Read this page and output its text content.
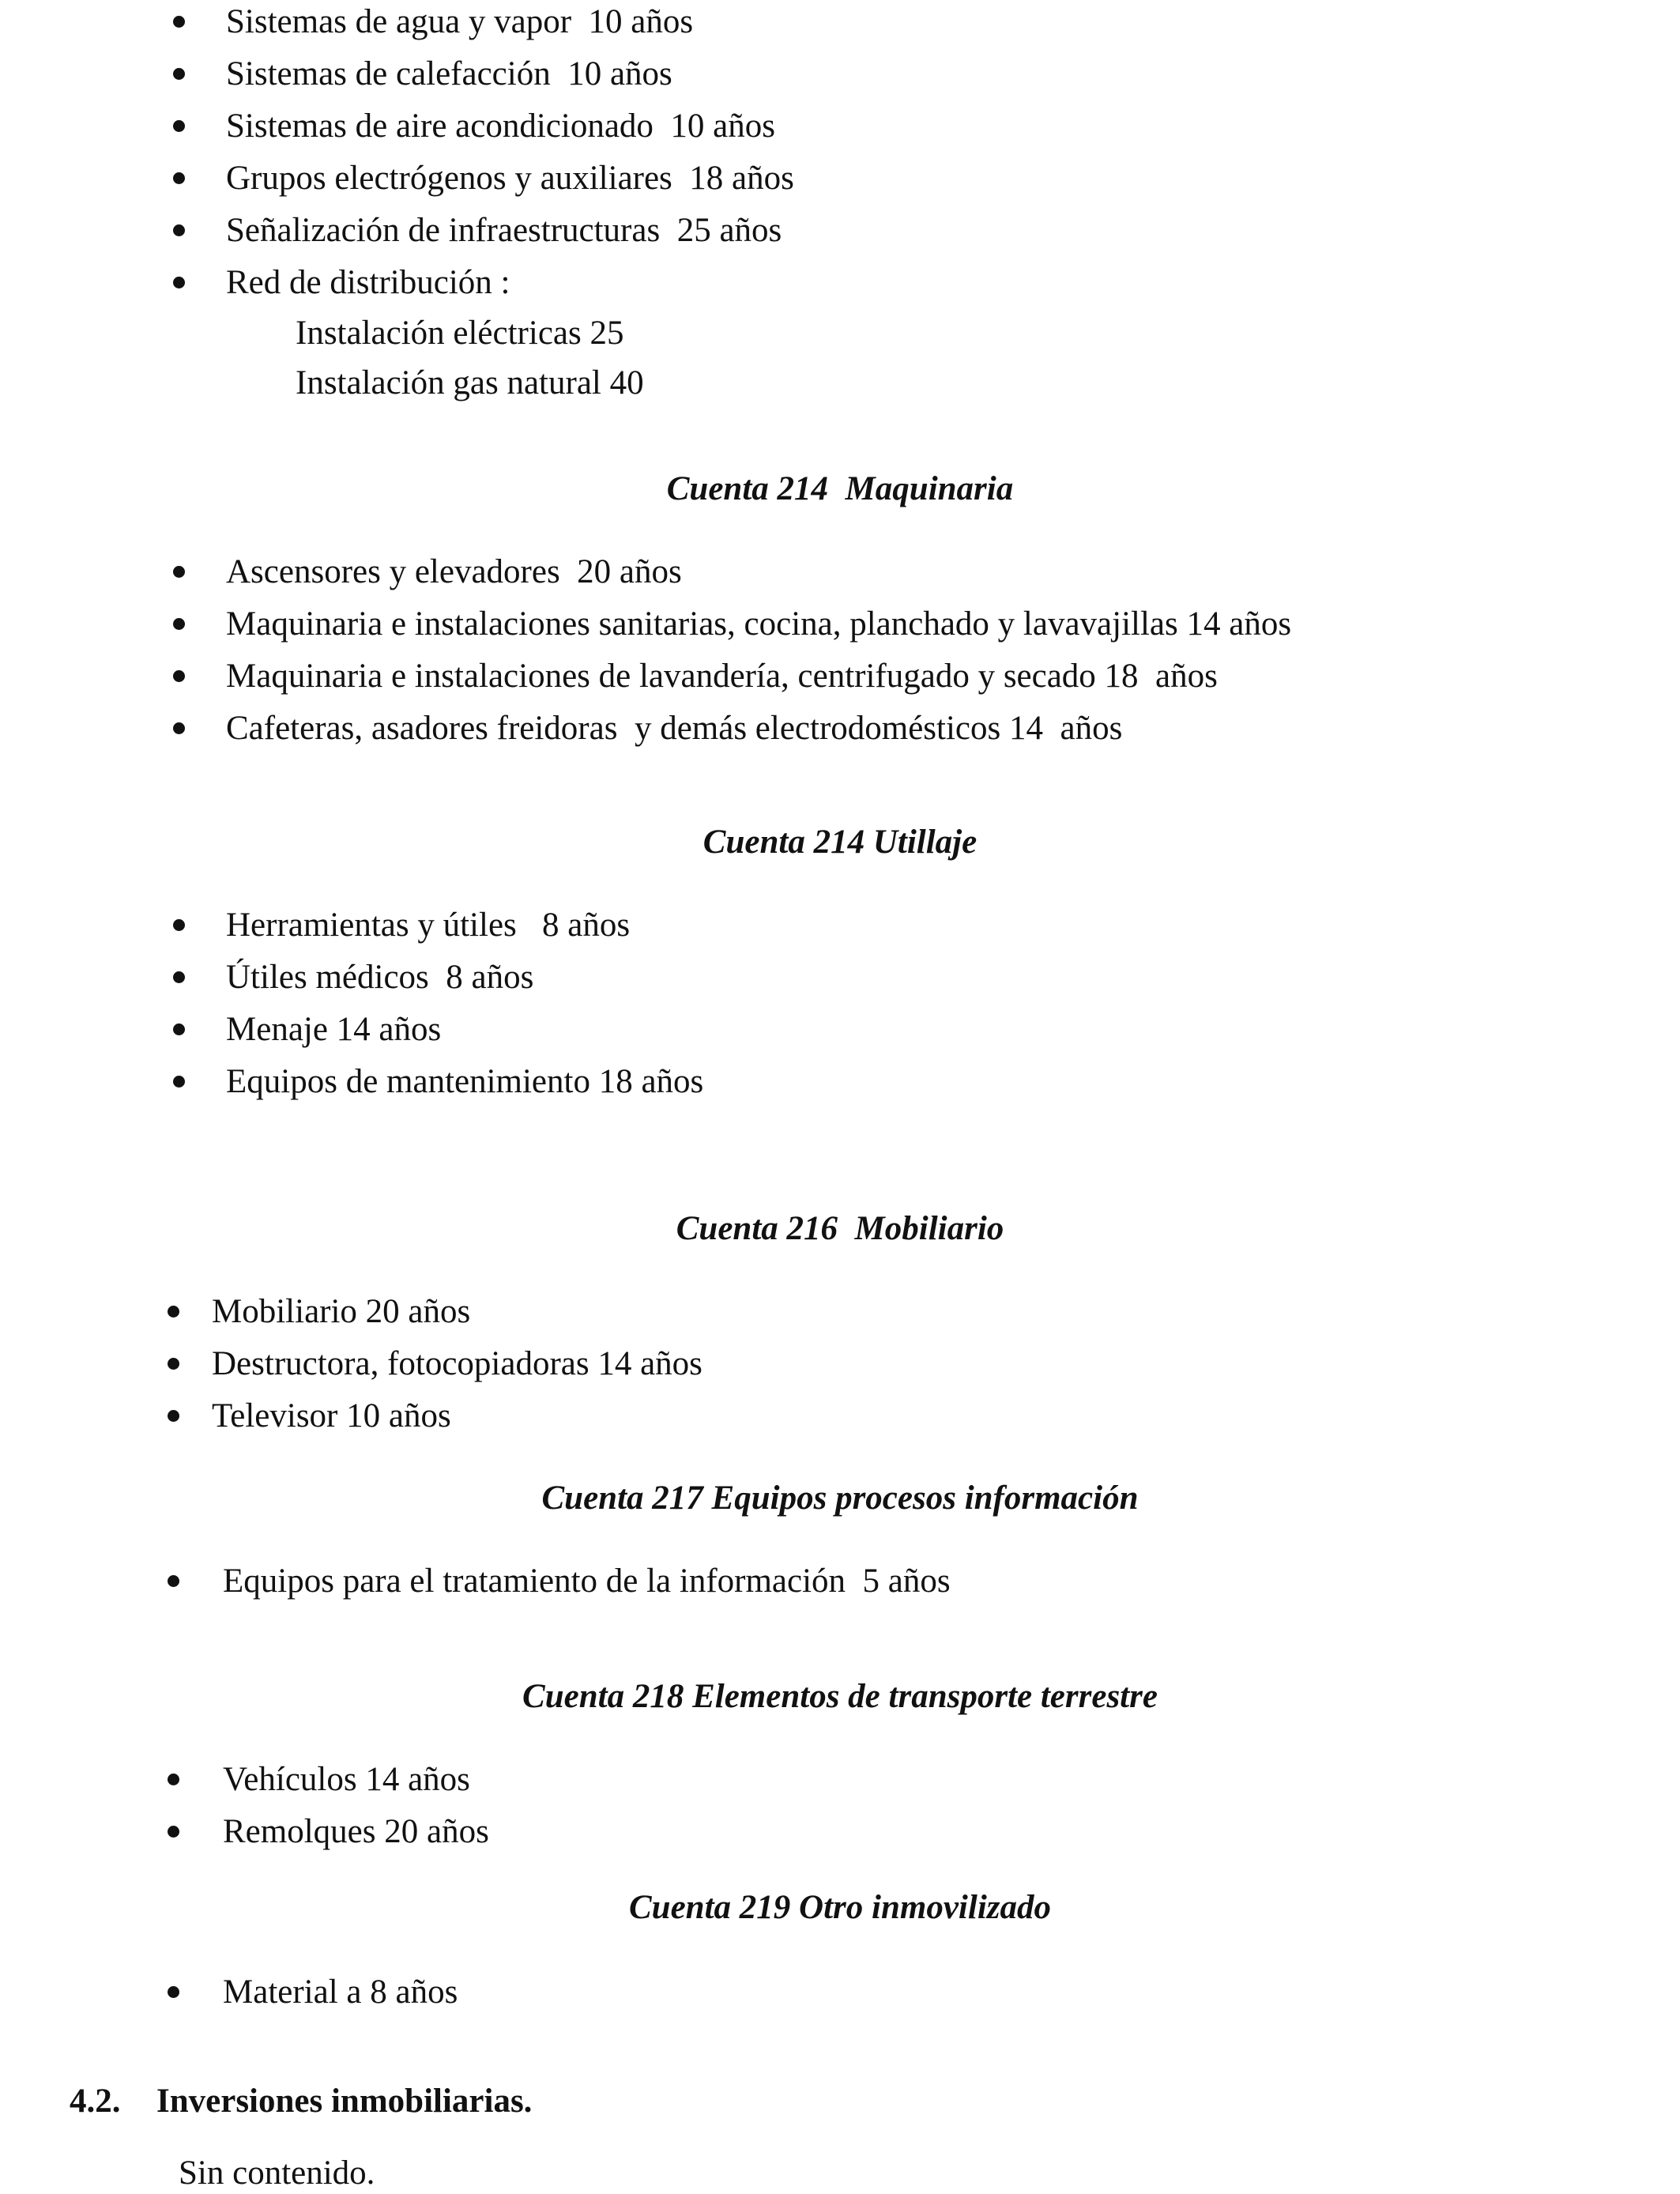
Sistemas de agua y vapor  10 años
Sistemas de calefacción  10 años
Sistemas de aire acondicionado  10 años
Grupos electrógenos y auxiliares  18 años
Señalización de infraestructuras  25 años
Red de distribución :
Instalación eléctricas 25
Instalación gas natural 40
Cuenta 214  Maquinaria
Ascensores y elevadores  20 años
Maquinaria e instalaciones sanitarias, cocina, planchado y lavavajillas 14 años
Maquinaria e instalaciones de lavandería, centrifugado y secado 18  años
Cafeteras, asadores freidoras  y demás electrodomésticos 14  años
Cuenta 214 Utillaje
Herramientas y útiles   8 años
Útiles médicos  8 años
Menaje 14 años
Equipos de mantenimiento 18 años
Cuenta 216  Mobiliario
Mobiliario 20 años
Destructora, fotocopiadoras 14 años
Televisor 10 años
Cuenta 217 Equipos procesos información
Equipos para el tratamiento de la información  5 años
Cuenta 218 Elementos de transporte terrestre
Vehículos 14 años
Remolques 20 años
Cuenta 219 Otro inmovilizado
Material a 8 años
4.2. Inversiones inmobiliarias.
Sin contenido.
